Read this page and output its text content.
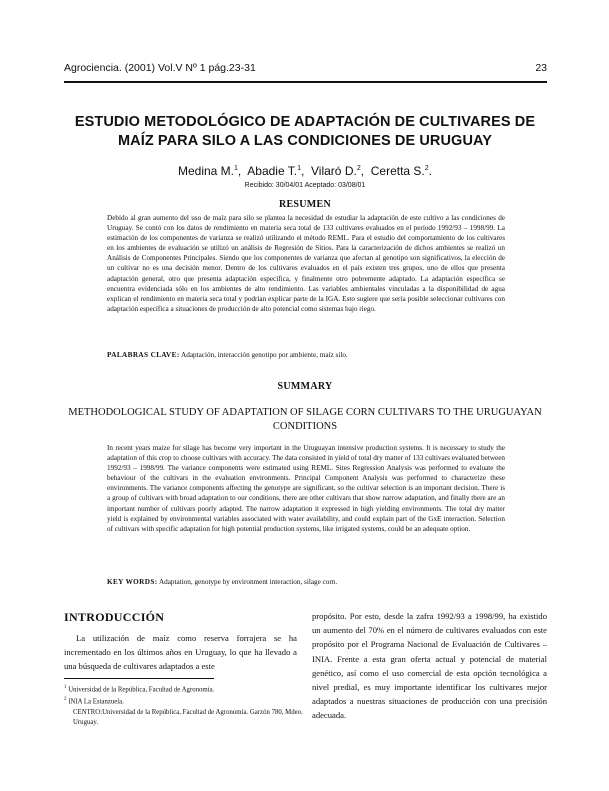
Agrociencia. (2001) Vol.V Nº 1 pág.23-31	23
ESTUDIO METODOLÓGICO DE ADAPTACIÓN DE CULTIVARES DE MAÍZ PARA SILO A LAS CONDICIONES DE URUGUAY
Medina M.$^1$, Abadie T.$^1$, Vilaró D.$^2$, Ceretta S.$^2$.
Recibido: 30/04/01 Aceptado: 03/08/01
RESUMEN
Debido al gran aumento del uso de maíz para silo se plantea la necesidad de estudiar la adaptación de este cultivo a las condiciones de Uruguay. Se contó con los datos de rendimiento en materia seca total de 133 cultivares evaluados en el período 1992/93 – 1998/99. La estimación de los componentes de varianza se realizó utilizando el método REML. Para el estudio del comportamiento de los cultivares en los ambientes de evaluación se utilizó un análisis de Regresión de Sitios. Para la caracterización de dichos ambientes se realizó un Análisis de Componentes Principales. Siendo que los componentes de varianza que afectan al genotipo son significativos, la elección de un cultivar no es una decisión menor. Dentro de los cultivares evaluados en el país existen tres grupos, uno de ellos que presenta adaptación general, otro que presenta adaptación específica, y finalmente otro pobremente adaptado. La adaptación específica se encuentra evidenciada sólo en los ambientes de alto rendimiento. Las variables ambientales vinculadas a la disponibilidad de agua explican el rendimiento en materia seca total y podrían explicar parte de la IGA. Esto sugiere que sería posible seleccionar cultivares con adaptación específica a situaciones de producción de alto potencial como sistemas bajo riego.
PALABRAS CLAVE: Adaptación, interacción genotipo por ambiente, maíz silo.
SUMMARY
METHODOLOGICAL STUDY OF ADAPTATION OF SILAGE CORN CULTIVARS TO THE URUGUAYAN CONDITIONS
In recent years maize for silage has become very important in the Uruguayan intensive production systems. It is necessary to study the adaptation of this crop to choose cultivars with accuracy. The data consisted in yield of total dry matter of 133 cultivars evaluated between 1992/93 – 1998/99. The variance components were estimated using REML. Sites Regression Analysis was performed to evaluate the behaviour of the cultivars in the evaluation environments. Principal Component Analysis was performed to characterize these environments. The variance components affecting the genotype are significant, so the cultivar selection is an important decision. There is a group of cultivars with broad adaptation to our conditions, there are other cultivars that show narrow adaptation, and finally there are an important number of cultivars poorly adapted. The narrow adaptation it expressed in high yielding environments. The total dry matter yield is explained by environmental variables associated with water availability, and could explain part of the GxE interaction. Selection of cultivars with specific adaptation for high potential production systems, like irrigated systems, could be an adequate option.
KEY WORDS: Adaptation, genotype by environment interaction, silage corn.
INTRODUCCIÓN
La utilización de maíz como reserva forrajera se ha incrementado en los últimos años en Uruguay, lo que ha llevado a una búsqueda de cultivares adaptados a este
propósito. Por esto, desde la zafra 1992/93 a 1998/99, ha existido un aumento del 70% en el número de cultivares evaluados con este propósito por el Programa Nacional de Evaluación de Cultivares – INIA. Frente a esta gran oferta actual y potencial de material genético, así como el uso comercial de esta opción tecnológica a nivel predial, es muy importante identificar los cultivares mejor adaptados a nuestras situaciones de producción con una precisión adecuada.
$^1$ Universidad de la República, Facultad de Agronomía.
$^2$ INIA La Estanzuela.
CENTRO:Universidad de la República, Facultad de Agronomía. Garzón 780, Mdeo. Uruguay.
